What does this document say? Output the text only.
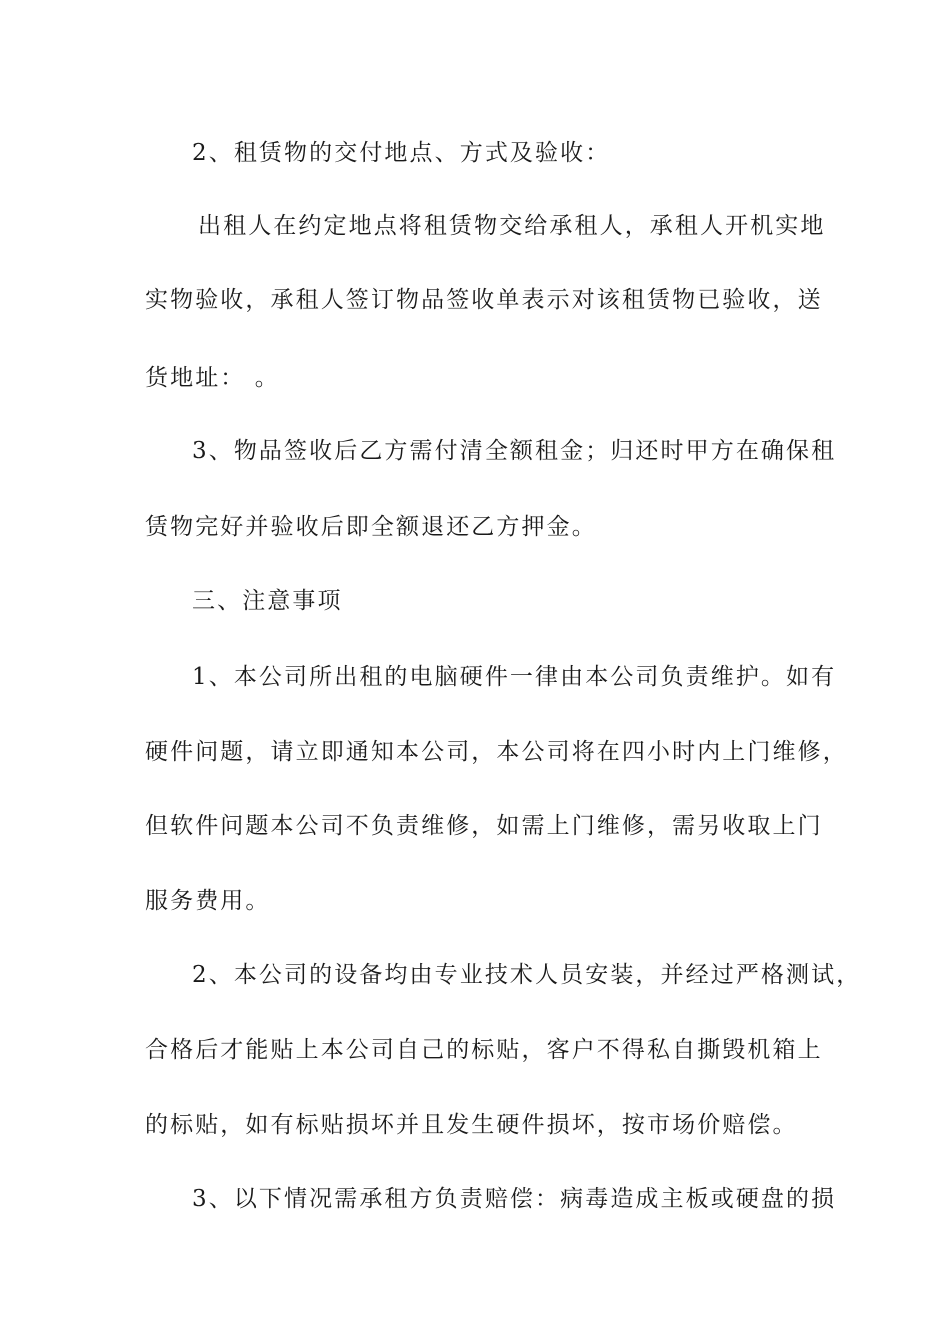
2、租赁物的交付地点、方式及验收：
出租人在约定地点将租赁物交给承租人，承租人开机实地
实物验收，承租人签订物品签收单表示对该租赁物已验收，送
货地址： 。
3、物品签收后乙方需付清全额租金；归还时甲方在确保租
赁物完好并验收后即全额退还乙方押金。
三、注意事项
1、本公司所出租的电脑硬件一律由本公司负责维护。如有
硬件问题，请立即通知本公司，本公司将在四小时内上门维修，
但软件问题本公司不负责维修，如需上门维修，需另收取上门
服务费用。
2、本公司的设备均由专业技术人员安装，并经过严格测试，
合格后才能贴上本公司自己的标贴，客户不得私自撕毁机箱上
的标贴，如有标贴损坏并且发生硬件损坏，按市场价赔偿。
3、以下情况需承租方负责赔偿：病毒造成主板或硬盘的损
